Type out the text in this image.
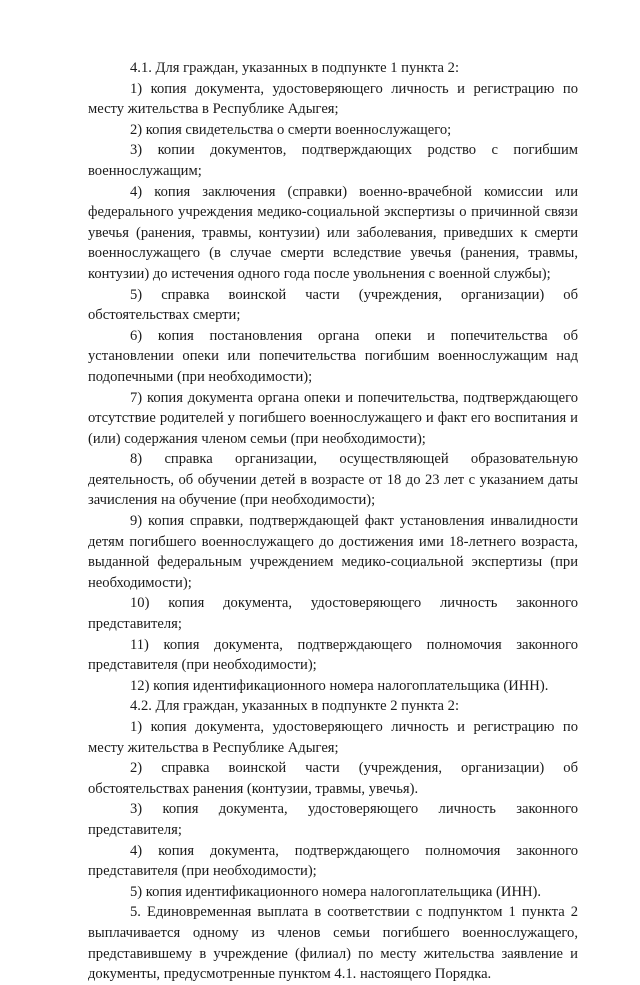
4.1. Для граждан, указанных в подпункте 1 пункта 2:

1) копия документа, удостоверяющего личность и регистрацию по месту жительства в Республике Адыгея;

2) копия свидетельства о смерти военнослужащего;

3) копии документов, подтверждающих родство с погибшим военнослужащим;

4) копия заключения (справки) военно-врачебной комиссии или федерального учреждения медико-социальной экспертизы о причинной связи увечья (ранения, травмы, контузии) или заболевания, приведших к смерти военнослужащего (в случае смерти вследствие увечья (ранения, травмы, контузии) до истечения одного года после увольнения с военной службы);

5) справка воинской части (учреждения, организации) об обстоятельствах смерти;

6) копия постановления органа опеки и попечительства об установлении опеки или попечительства погибшим военнослужащим над подопечными (при необходимости);

7) копия документа органа опеки и попечительства, подтверждающего отсутствие родителей у погибшего военнослужащего и факт его воспитания и (или) содержания членом семьи (при необходимости);

8) справка организации, осуществляющей образовательную деятельность, об обучении детей в возрасте от 18 до 23 лет с указанием даты зачисления на обучение (при необходимости);

9) копия справки, подтверждающей факт установления инвалидности детям погибшего военнослужащего до достижения ими 18-летнего возраста, выданной федеральным учреждением медико-социальной экспертизы (при необходимости);

10) копия документа, удостоверяющего личность законного представителя;

11) копия документа, подтверждающего полномочия законного представителя (при необходимости);

12) копия идентификационного номера налогоплательщика (ИНН).

4.2. Для граждан, указанных в подпункте 2 пункта 2:

1) копия документа, удостоверяющего личность и регистрацию по месту жительства в Республике Адыгея;

2) справка воинской части (учреждения, организации) об обстоятельствах ранения (контузии, травмы, увечья).

3) копия документа, удостоверяющего личность законного представителя;

4) копия документа, подтверждающего полномочия законного представителя (при необходимости);

5) копия идентификационного номера налогоплательщика (ИНН).

5. Единовременная выплата в соответствии с подпунктом 1 пункта 2 выплачивается одному из членов семьи погибшего военнослужащего, представившему в учреждение (филиал) по месту жительства заявление и документы, предусмотренные пунктом 4.1. настоящего Порядка.
